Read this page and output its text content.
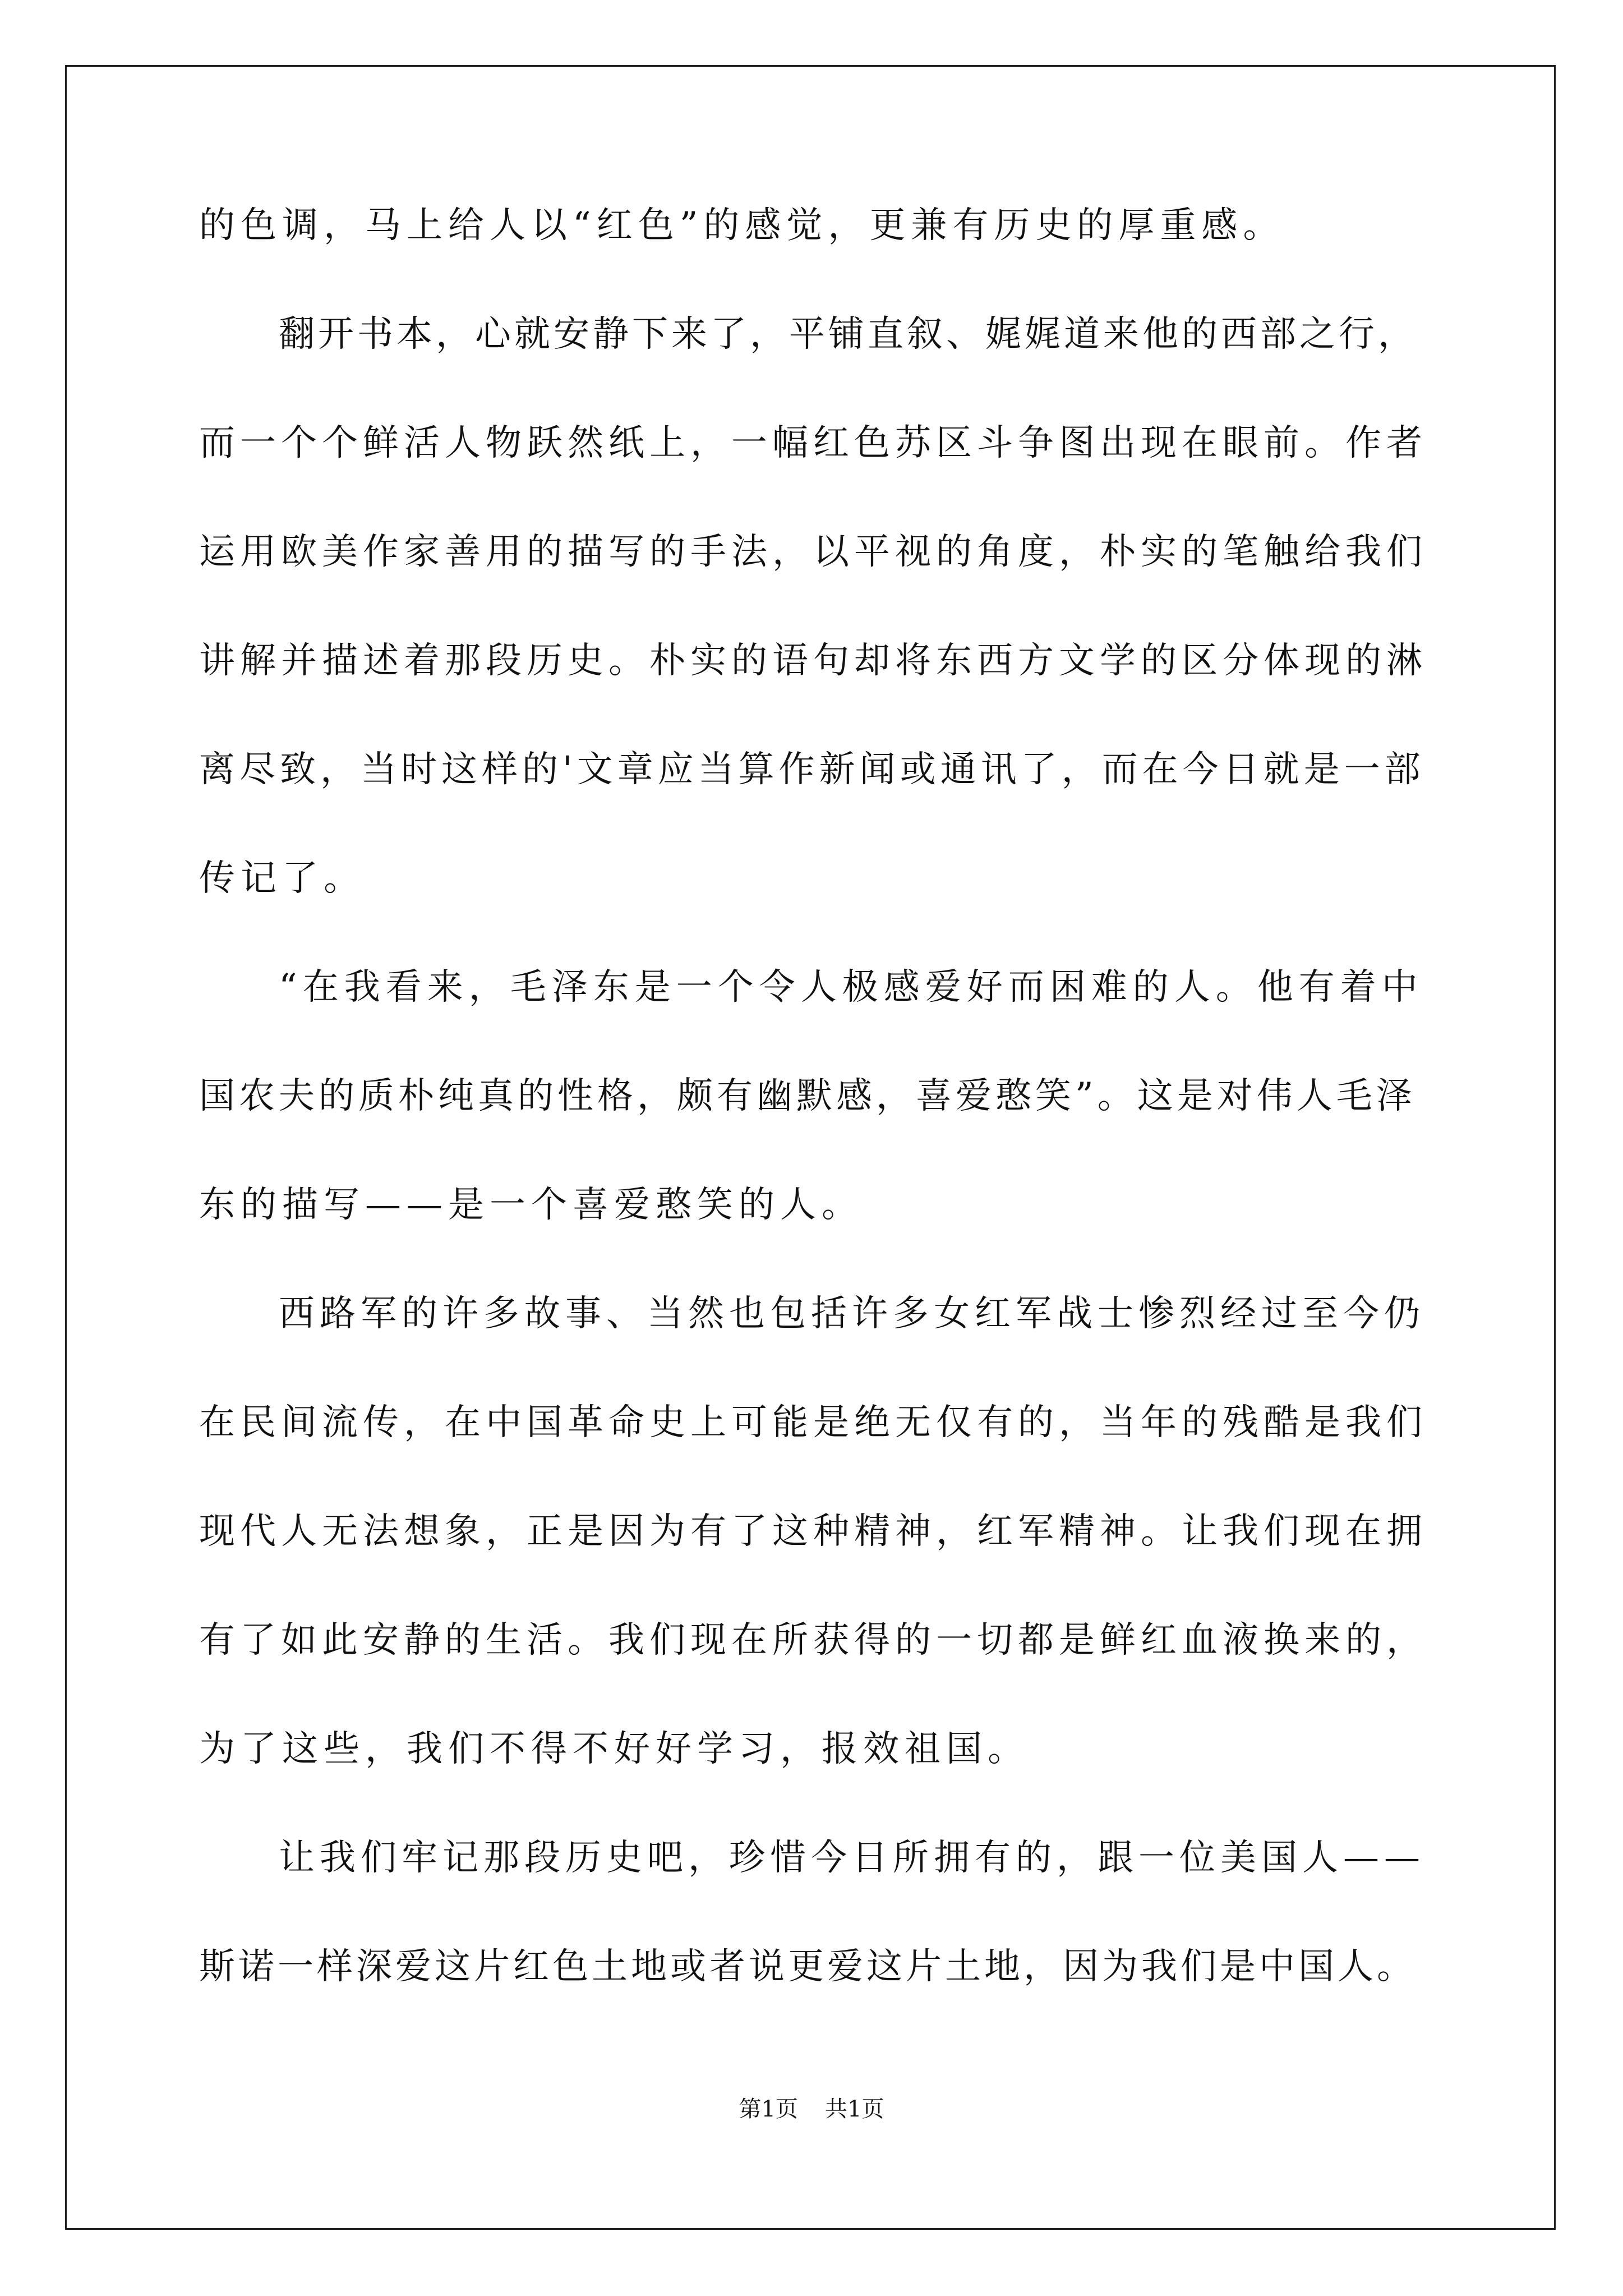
的色调，马上给人以“红色”的感觉，更兼有历史的厚重感。
翻开书本，心就安静下来了，平铺直叙、娓娓道来他的西部之行，
而一个个鲜活人物跃然纸上，一幅红色苏区斗争图出现在眼前。作者
运用欧美作家善用的描写的手法，以平视的角度，朴实的笔触给我们
讲解并描述着那段历史。朴实的语句却将东西方文学的区分体现的淋
离尽致，当时这样的'文章应当算作新闻或通讯了，而在今日就是一部
传记了。
“在我看来，毛泽东是一个令人极感爱好而困难的人。他有着中
国农夫的质朴纯真的性格，颇有幽默感，喜爱憨笑”。这是对伟人毛泽
东的描写——是一个喜爱憨笑的人。
西路军的许多故事、当然也包括许多女红军战士惨烈经过至今仍
在民间流传，在中国革命史上可能是绝无仅有的，当年的残酷是我们
现代人无法想象，正是因为有了这种精神，红军精神。让我们现在拥
有了如此安静的生活。我们现在所获得的一切都是鲜红血液换来的，
为了这些，我们不得不好好学习，报效祖国。
让我们牢记那段历史吧，珍惜今日所拥有的，跟一位美国人——
斯诺一样深爱这片红色土地或者说更爱这片土地，因为我们是中国人。
第1页 共1页
